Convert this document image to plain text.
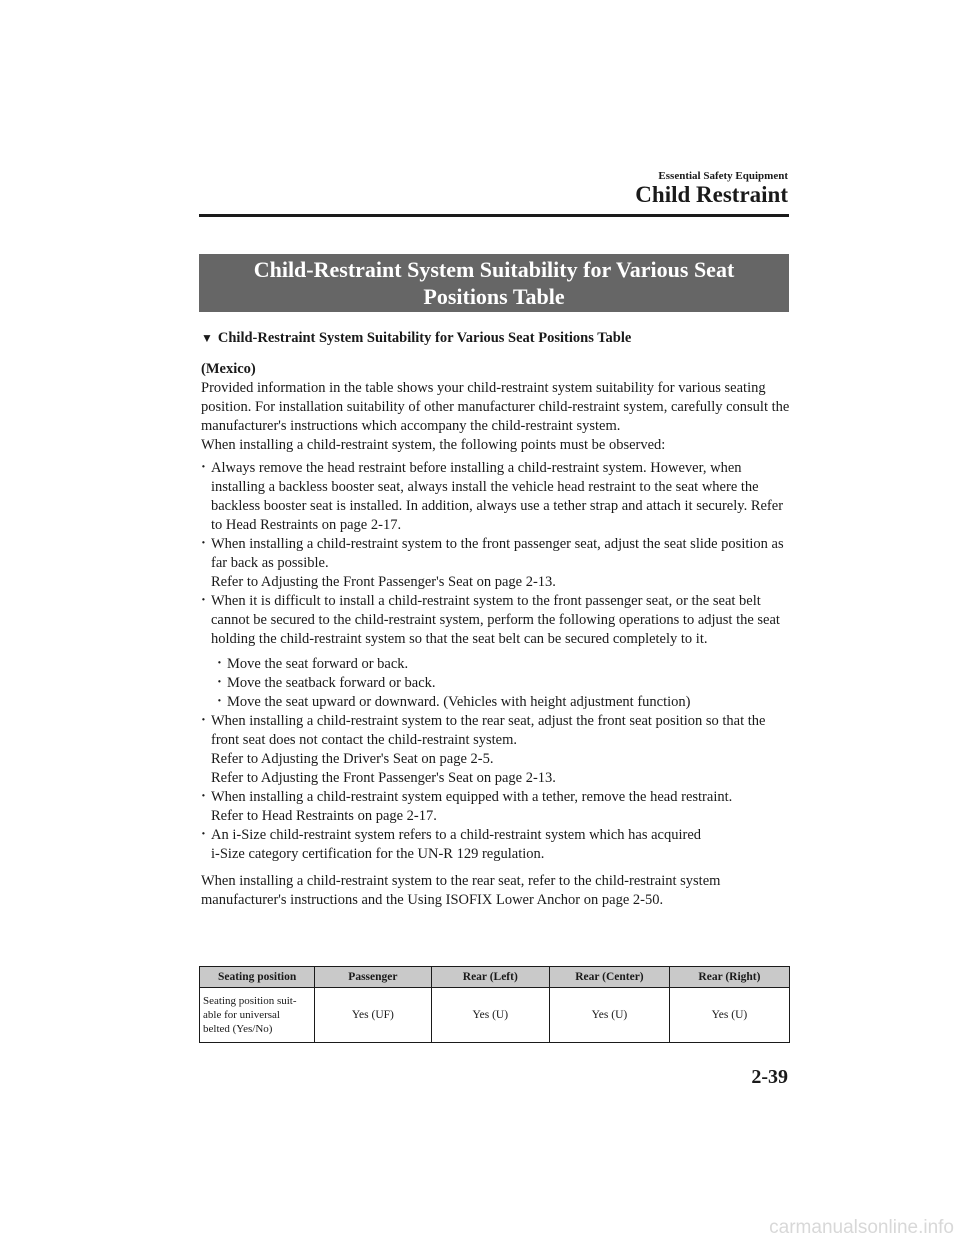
Essential Safety Equipment
Child Restraint
Child-Restraint System Suitability for Various Seat
Positions Table
▼ Child-Restraint System Suitability for Various Seat Positions Table

(Mexico)

Provided information in the table shows your child-restraint system suitability for various seating position. For installation suitability of other manufacturer child-restraint system, carefully consult the manufacturer's instructions which accompany the child-restraint system.

When installing a child-restraint system, the following points must be observed:

· Always remove the head restraint before installing a child-restraint system. However, when installing a backless booster seat, always install the vehicle head restraint to the seat where the backless booster seat is installed. In addition, always use a tether strap and attach it securely. Refer to Head Restraints on page 2-17.
· When installing a child-restraint system to the front passenger seat, adjust the seat slide position as far back as possible.
Refer to Adjusting the Front Passenger's Seat on page 2-13.
· When it is difficult to install a child-restraint system to the front passenger seat, or the seat belt cannot be secured to the child-restraint system, perform the following operations to adjust the seat holding the child-restraint system so that the seat belt can be secured completely to it.
· Move the seat forward or back.
· Move the seatback forward or back.
· Move the seat upward or downward. (Vehicles with height adjustment function)
· When installing a child-restraint system to the rear seat, adjust the front seat position so that the front seat does not contact the child-restraint system.
Refer to Adjusting the Driver's Seat on page 2-5.
Refer to Adjusting the Front Passenger's Seat on page 2-13.
· When installing a child-restraint system equipped with a tether, remove the head restraint.
Refer to Head Restraints on page 2-17.
· An i-Size child-restraint system refers to a child-restraint system which has acquired
i-Size category certification for the UN-R 129 regulation.

When installing a child-restraint system to the rear seat, refer to the child-restraint system manufacturer's instructions and the Using ISOFIX Lower Anchor on page 2-50.

Seating position	Passenger	Rear (Left)	Rear (Center)	Rear (Right)

Seating position suit-
able for universal
belted (Yes/No)	Yes (UF)	Yes (U)	Yes (U)	Yes (U)
2-39
carmanualsonline.info
